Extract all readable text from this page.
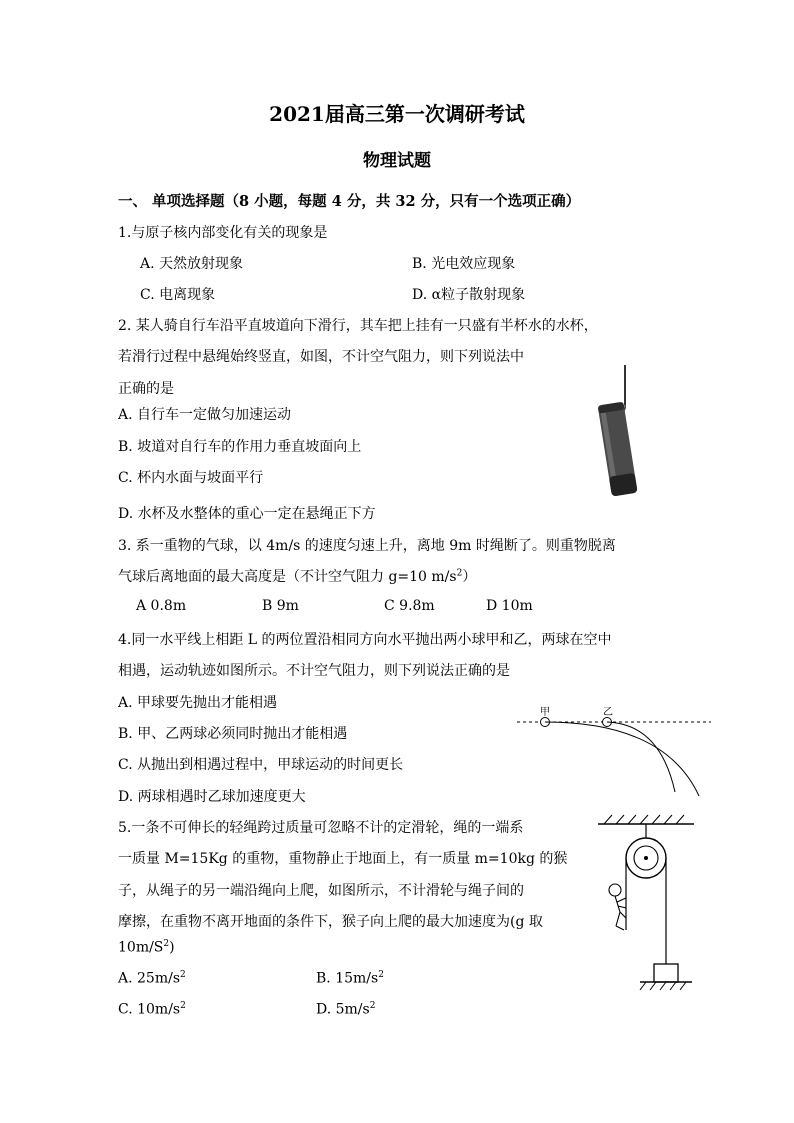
2021届高三第一次调研考试
物理试题
一、 单项选择题（8 小题，每题 4 分，共 32 分，只有一个选项正确）
1.与原子核内部变化有关的现象是
A. 天然放射现象	B. 光电效应现象
C. 电离现象	D. α粒子散射现象
2. 某人骑自行车沿平直坡道向下滑行，其车把上挂有一只盛有半杯水的水杯，
若滑行过程中悬绳始终竖直，如图，不计空气阻力，则下列说法中
正确的是
A. 自行车一定做匀加速运动
B. 坡道对自行车的作用力垂直坡面向上
C. 杯内水面与坡面平行
D. 水杯及水整体的重心一定在悬绳正下方
3. 系一重物的气球，以 4m/s 的速度匀速上升，离地 9m 时绳断了。则重物脱离
气球后离地面的最大高度是（不计空气阻力 g=10 $m/s^2$）
A 0.8m	B 9m	C 9.8m	D 10m
4.同一水平线上相距 L 的两位置沿相同方向水平抛出两小球甲和乙，两球在空中
相遇，运动轨迹如图所示。不计空气阻力，则下列说法正确的是
A. 甲球要先抛出才能相遇
B. 甲、乙两球必须同时抛出才能相遇
C. 从抛出到相遇过程中，甲球运动的时间更长
D. 两球相遇时乙球加速度更大
甲	乙
5.一条不可伸长的轻绳跨过质量可忽略不计的定滑轮，绳的一端系
一质量 M=15Kg 的重物，重物静止于地面上，有一质量 m=10kg 的猴
子，从绳子的另一端沿绳向上爬，如图所示，不计滑轮与绳子间的
摩擦，在重物不离开地面的条件下，猴子向上爬的最大加速度为(g 取
$10m/S^2$)
A. $25m/s^2$	B. $15m/s^2$
C. $10m/s^2$	D. $5m/s^2$
